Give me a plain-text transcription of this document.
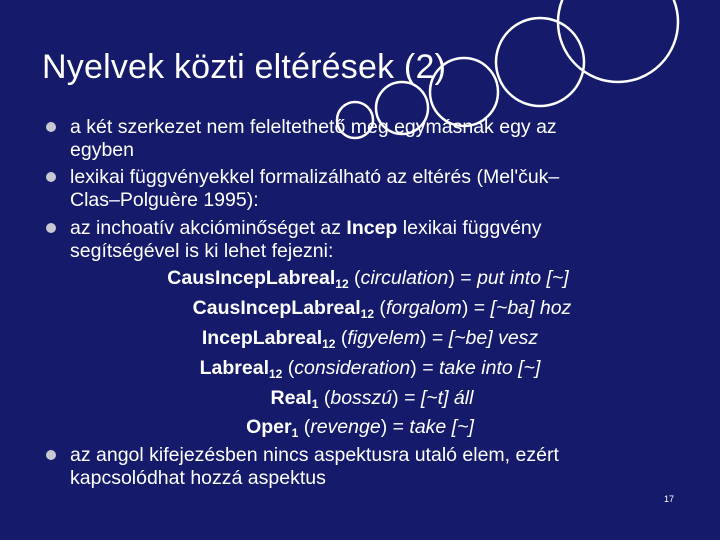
Nyelvek közti eltérések (2)
a két szerkezet nem feleltethető meg egymásnak egy az
egyben
lexikai függvényekkel formalizálható az eltérés (Mel'čuk–
Clas–Polguère 1995):
az inchoatív akcióminőséget az Incep lexikai függvény
segítségével is ki lehet fejezni:
CausIncepLabreal$_{12}$ (circulation) = put into [~]
CausIncepLabreal$_{12}$ (forgalom) = [~ba] hoz
IncepLabreal$_{12}$ (figyelem) = [~be] vesz
Labreal$_{12}$ (consideration) = take into [~]
Real$_1$ (bosszú) = [~t] áll
Oper$_1$ (revenge) = take [~]
az angol kifejezésben nincs aspektusra utaló elem, ezért
kapcsolódhat hozzá aspektus
17
